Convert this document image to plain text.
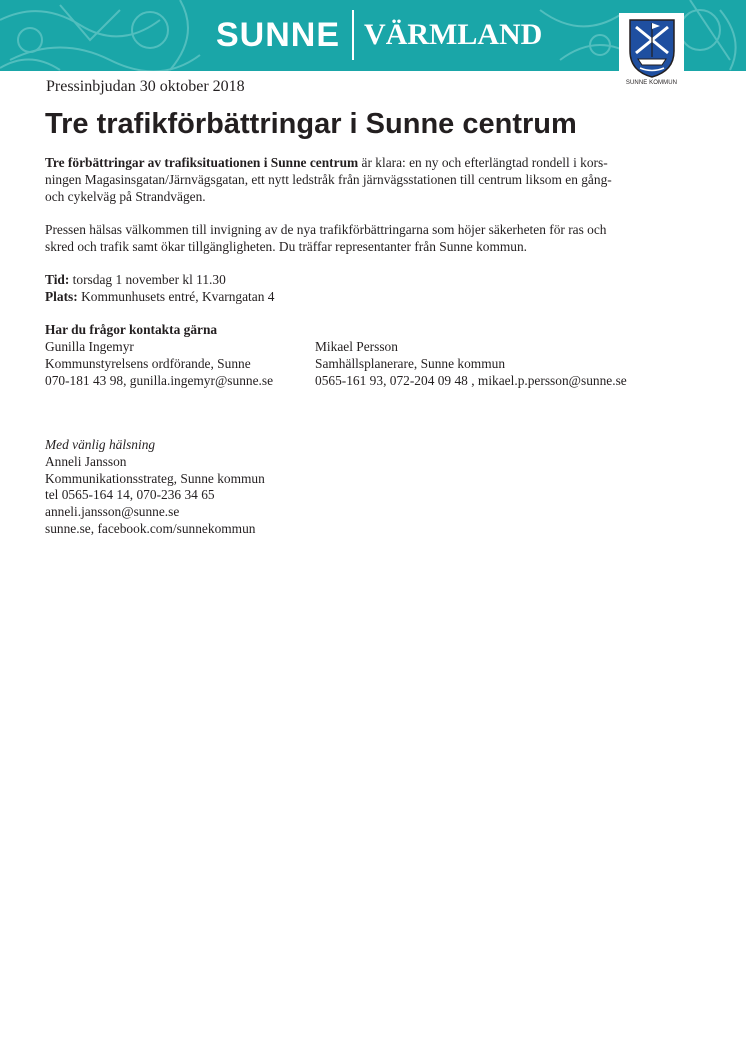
SUNNE VÄRMLAND
SUNNE KOMMUN
Pressinbjudan 30 oktober 2018
Tre trafikförbättringar i Sunne centrum
Tre förbättringar av trafiksituationen i Sunne centrum är klara: en ny och efterlängtad rondell i kors-
ningen Magasinsgatan/Järnvägsgatan, ett nytt ledstråk från järnvägsstationen till centrum liksom en gång-
och cykelväg på Strandvägen.
Pressen hälsas välkommen till invigning av de nya trafikförbättringarna som höjer säkerheten för ras och
skred och trafik samt ökar tillgängligheten. Du träffar representanter från Sunne kommun.
Tid: torsdag 1 november kl 11.30
Plats: Kommunhusets entré, Kvarngatan 4
Har du frågor kontakta gärna
Gunilla Ingemyr
Kommunstyrelsens ordförande, Sunne
070-181 43 98, gunilla.ingemyr@sunne.se
Mikael Persson
Samhällsplanerare, Sunne kommun
0565-161 93, 072-204 09 48 , mikael.p.persson@sunne.se
Med vänlig hälsning
Anneli Jansson
Kommunikationsstrateg, Sunne kommun
tel 0565-164 14, 070-236 34 65
anneli.jansson@sunne.se
sunne.se, facebook.com/sunnekommun
